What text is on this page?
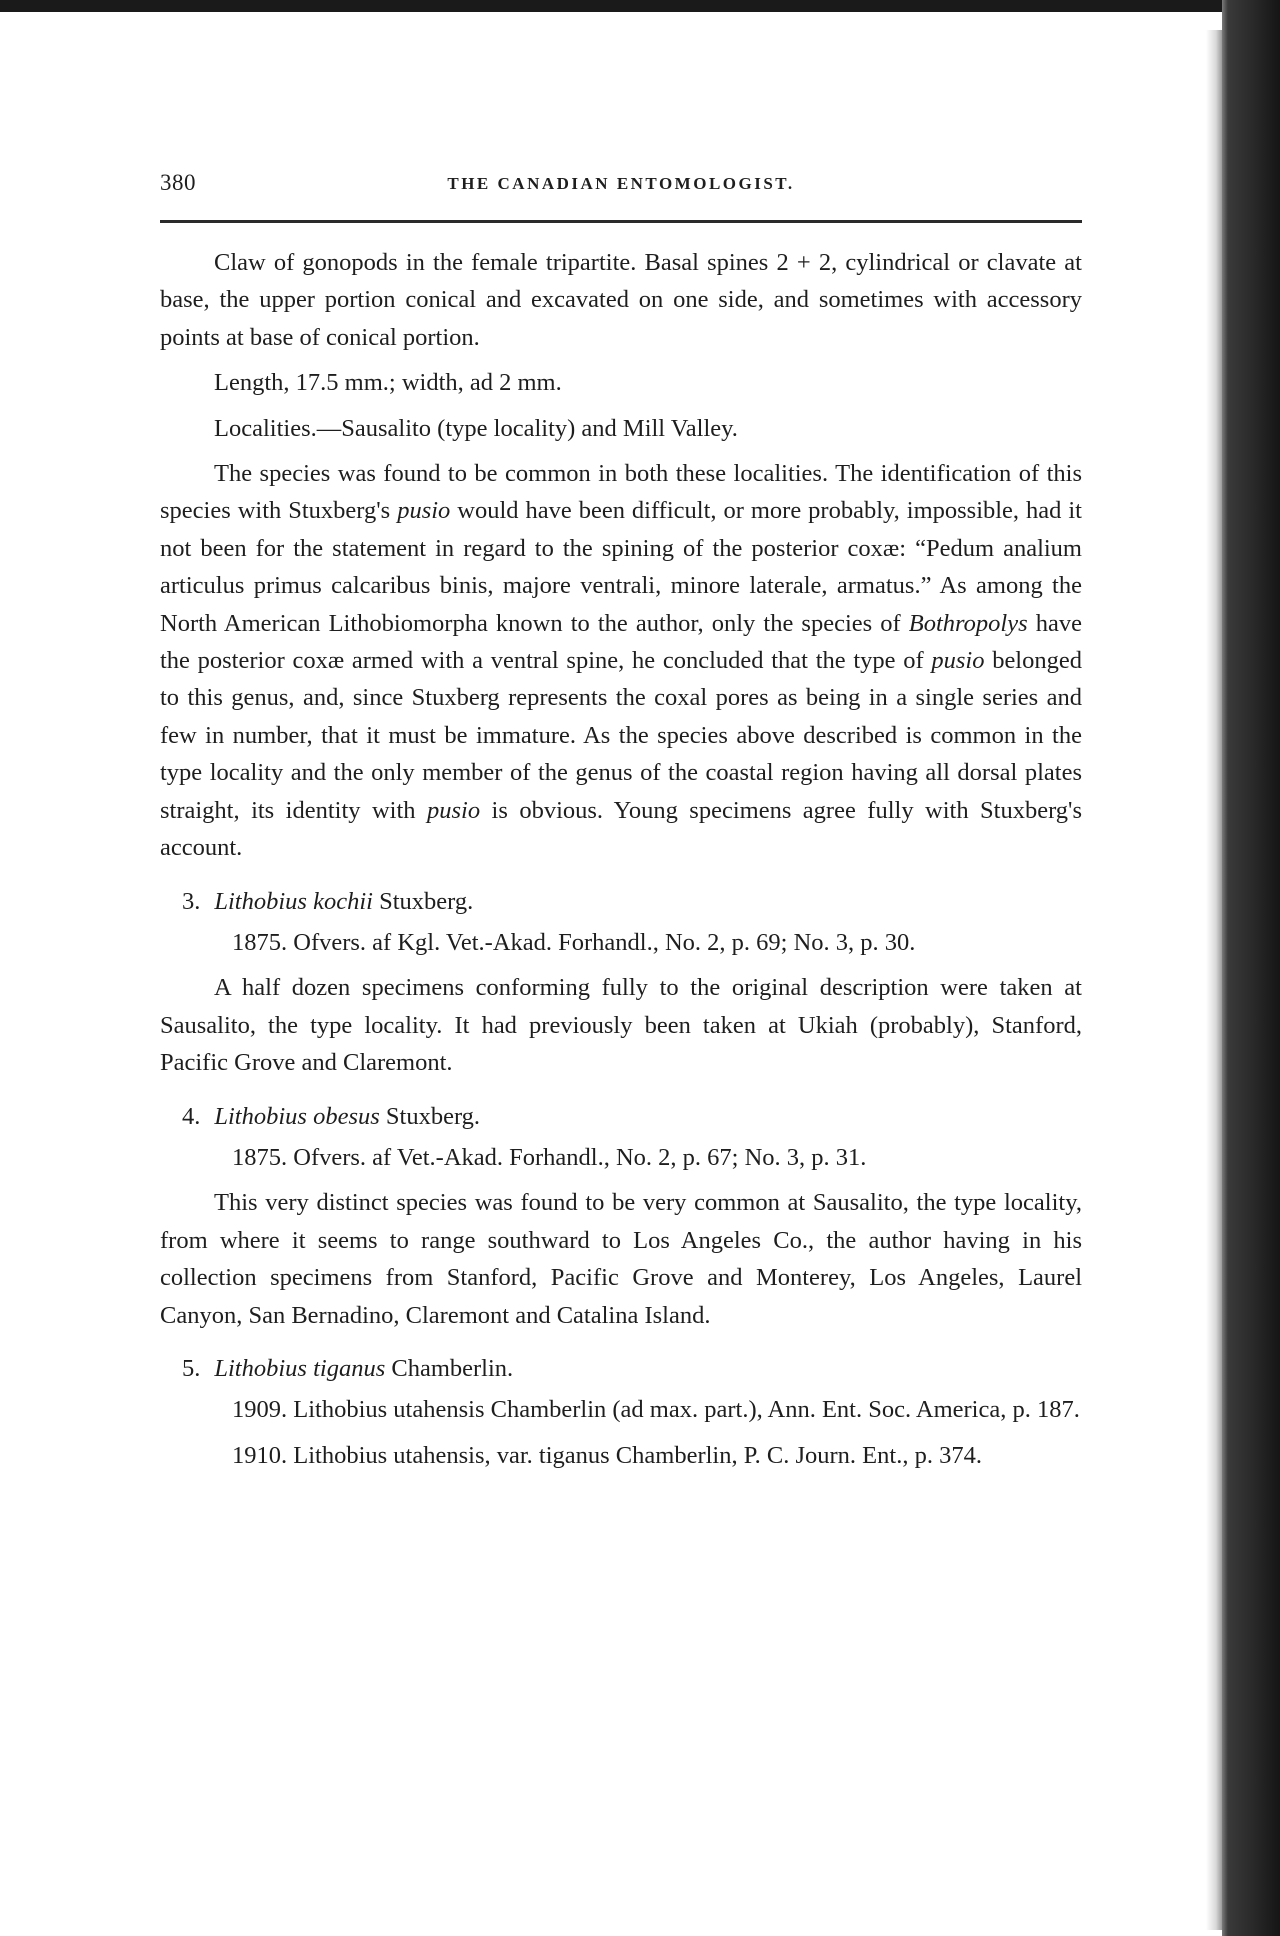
380	THE CANADIAN ENTOMOLOGIST.

Claw of gonopods in the female tripartite. Basal spines 2 + 2, cylindrical or clavate at base, the upper portion conical and excavated on one side, and sometimes with accessory points at base of conical portion.

Length, 17.5 mm.; width, ad 2 mm.

Localities.—Sausalito (type locality) and Mill Valley.

The species was found to be common in both these localities. The identification of this species with Stuxberg's pusio would have been difficult, or more probably, impossible, had it not been for the statement in regard to the spining of the posterior coxæ: “Pedum analium articulus primus calcaribus binis, majore ventrali, minore laterale, armatus.” As among the North American Lithobiomorpha known to the author, only the species of Bothropolys have the posterior coxæ armed with a ventral spine, he concluded that the type of pusio belonged to this genus, and, since Stuxberg represents the coxal pores as being in a single series and few in number, that it must be immature. As the species above described is common in the type locality and the only member of the genus of the coastal region having all dorsal plates straight, its identity with pusio is obvious. Young specimens agree fully with Stuxberg's account.

3. Lithobius kochii Stuxberg.

1875. Ofvers. af Kgl. Vet.-Akad. Forhandl., No. 2, p. 69; No. 3, p. 30.

A half dozen specimens conforming fully to the original description were taken at Sausalito, the type locality. It had previously been taken at Ukiah (probably), Stanford, Pacific Grove and Claremont.

4. Lithobius obesus Stuxberg.

1875. Ofvers. af Vet.-Akad. Forhandl., No. 2, p. 67; No. 3, p. 31.

This very distinct species was found to be very common at Sausalito, the type locality, from where it seems to range southward to Los Angeles Co., the author having in his collection specimens from Stanford, Pacific Grove and Monterey, Los Angeles, Laurel Canyon, San Bernadino, Claremont and Catalina Island.

5. Lithobius tiganus Chamberlin.

1909. Lithobius utahensis Chamberlin (ad max. part.), Ann. Ent. Soc. America, p. 187.

1910. Lithobius utahensis, var. tiganus Chamberlin, P. C. Journ. Ent., p. 374.
